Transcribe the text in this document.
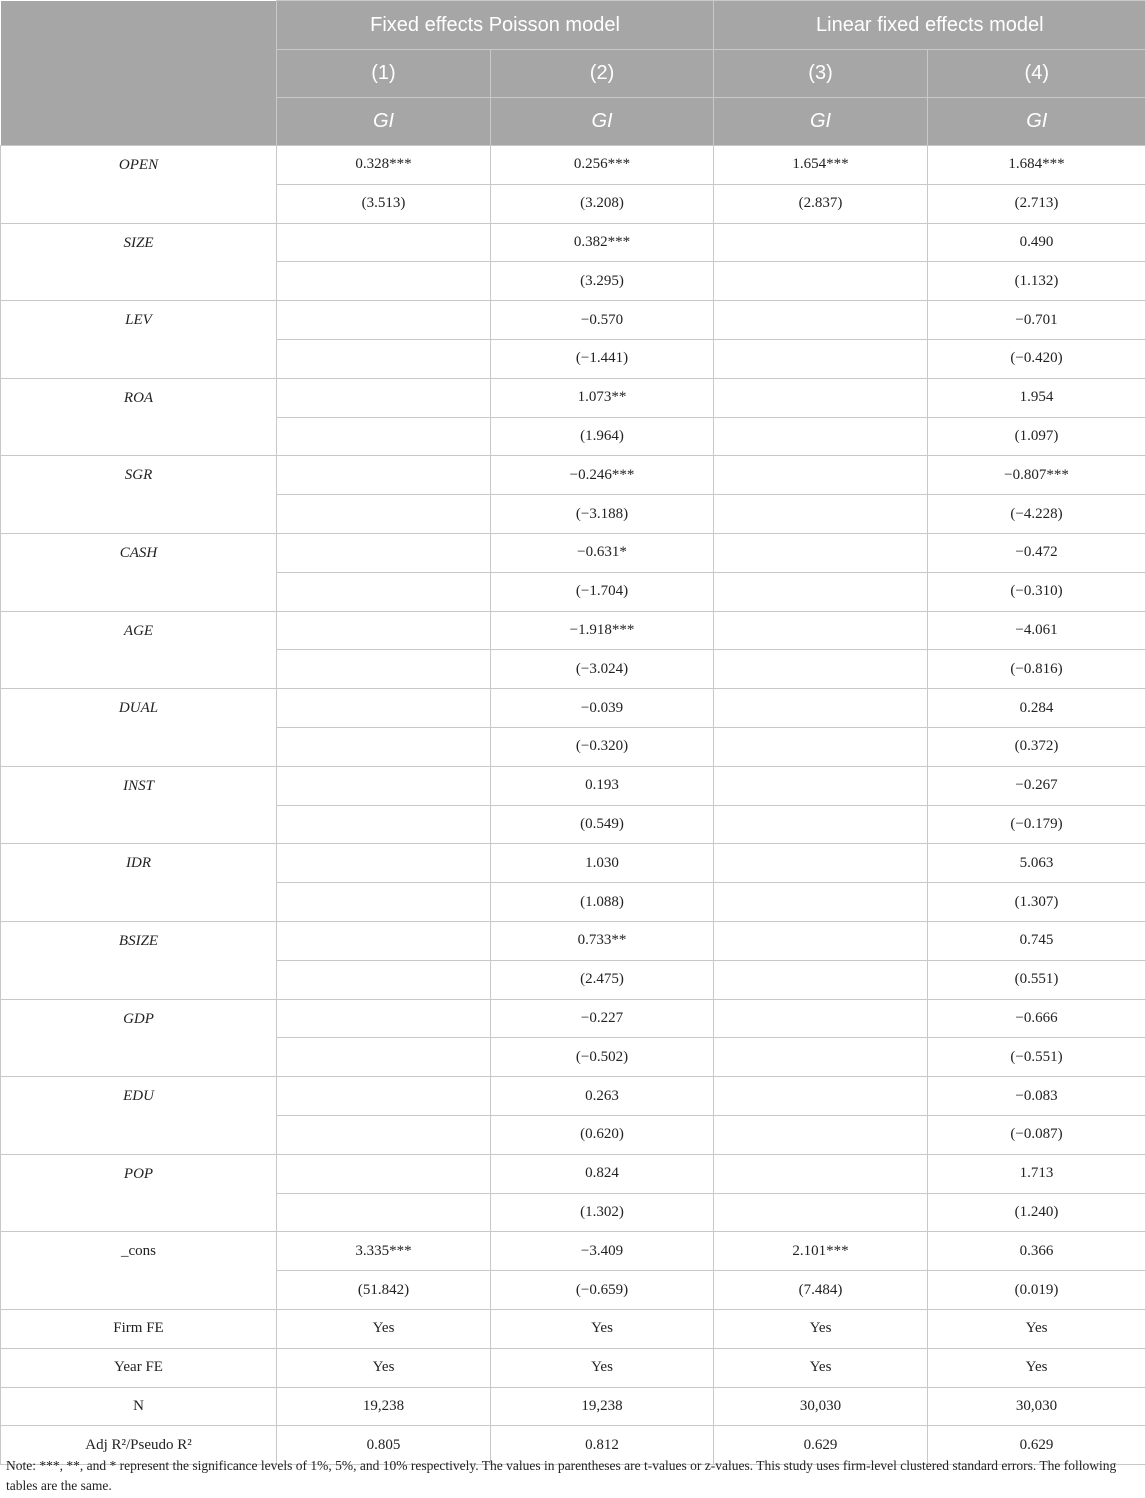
	Fixed effects Poisson model		Linear fixed effects model	
	(1)	(2)	(3)	(4)
	GI	GI	GI	GI
OPEN	0.328***	0.256***	1.654***	1.684***
	(3.513)	(3.208)	(2.837)	(2.713)
SIZE		0.382***		0.490
		(3.295)		(1.132)
LEV		−0.570		−0.701
		(−1.441)		(−0.420)
ROA		1.073**		1.954
		(1.964)		(1.097)
SGR		−0.246***		−0.807***
		(−3.188)		(−4.228)
CASH		−0.631*		−0.472
		(−1.704)		(−0.310)
AGE		−1.918***		−4.061
		(−3.024)		(−0.816)
DUAL		−0.039		0.284
		(−0.320)		(0.372)
INST		0.193		−0.267
		(0.549)		(−0.179)
IDR		1.030		5.063
		(1.088)		(1.307)
BSIZE		0.733**		0.745
		(2.475)		(0.551)
GDP		−0.227		−0.666
		(−0.502)		(−0.551)
EDU		0.263		−0.083
		(0.620)		(−0.087)
POP		0.824		1.713
		(1.302)		(1.240)
_cons	3.335***	−3.409	2.101***	0.366
	(51.842)	(−0.659)	(7.484)	(0.019)
Firm FE	Yes	Yes	Yes	Yes
Year FE	Yes	Yes	Yes	Yes
N	19,238	19,238	30,030	30,030
Adj R²/Pseudo R²	0.805	0.812	0.629	0.629
Note: ***, **, and * represent the significance levels of 1%, 5%, and 10% respectively. The values in parentheses are t-values or z-values. This study uses firm-level clustered standard errors. The following tables are the same.
